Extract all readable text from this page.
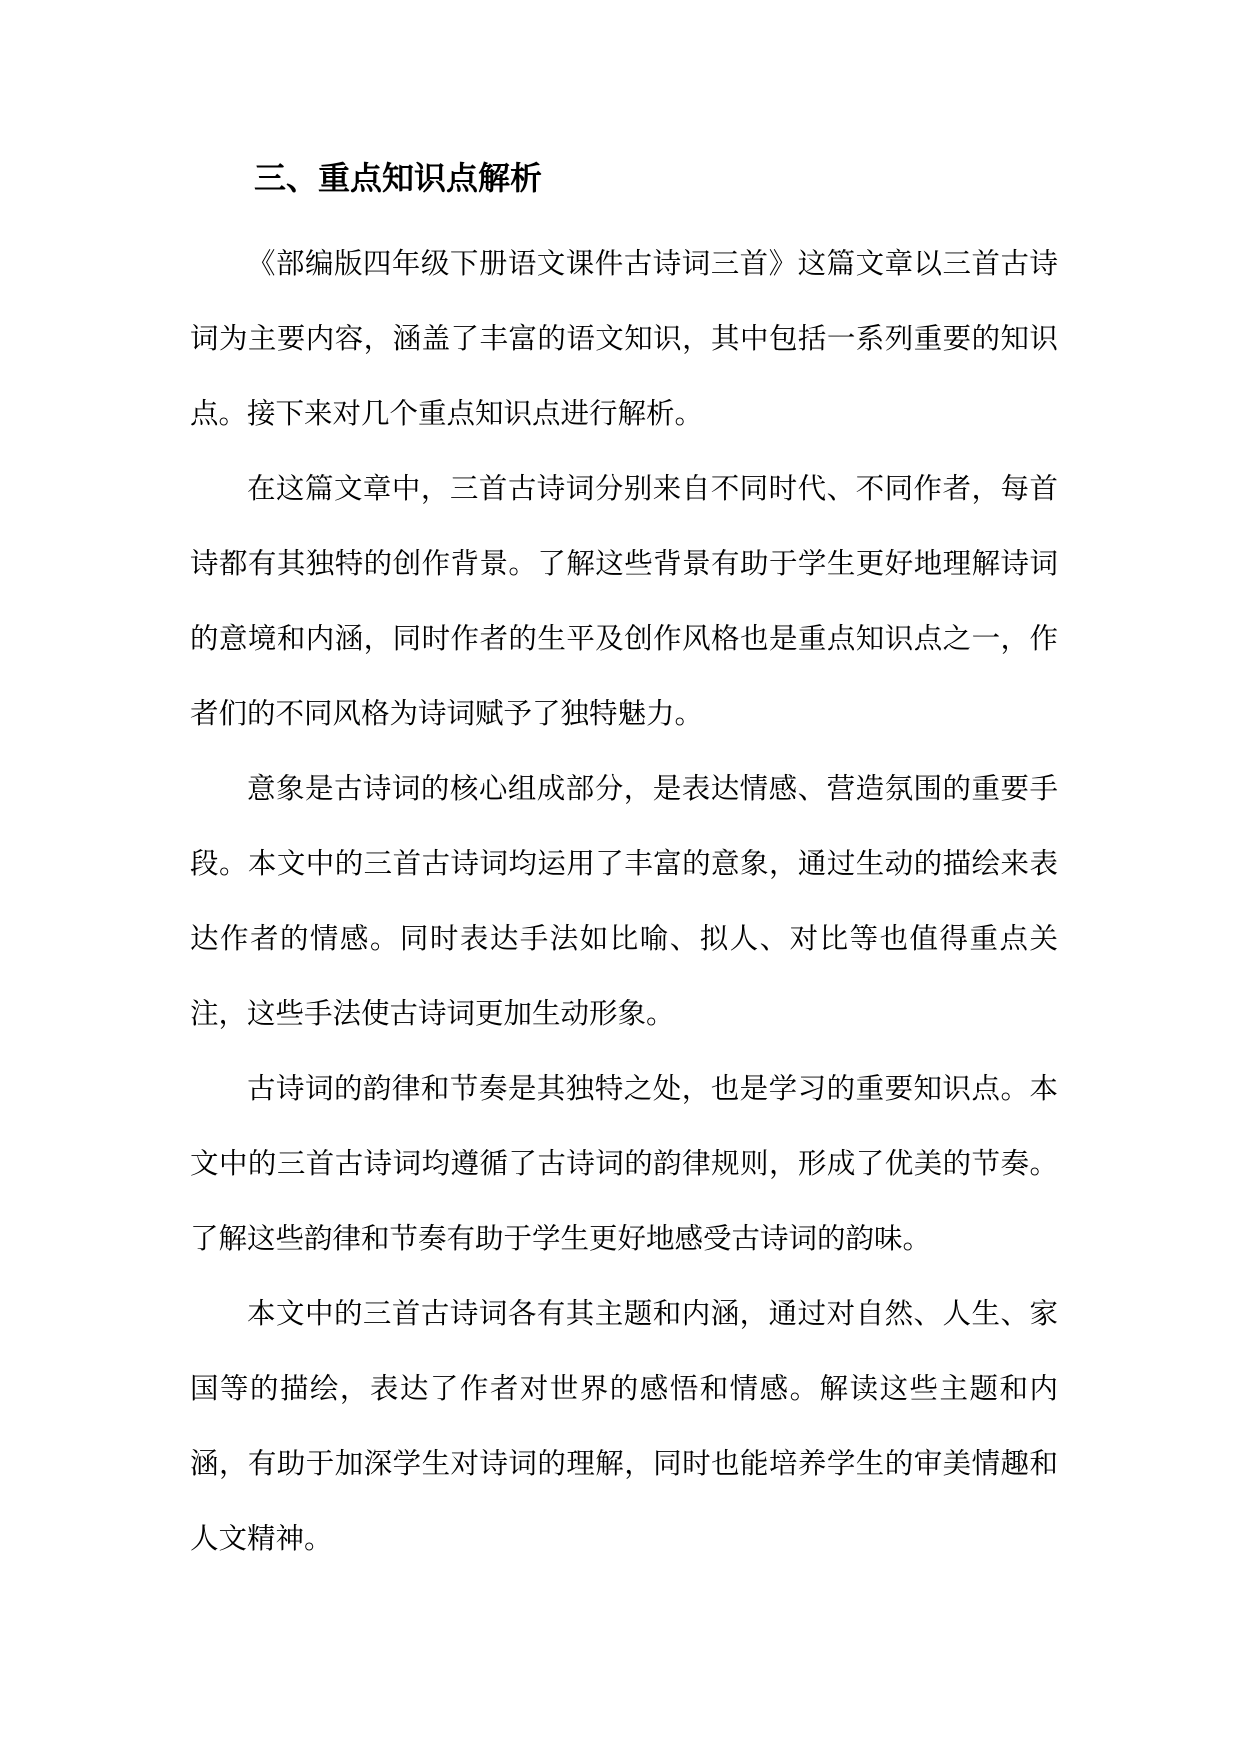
三、重点知识点解析

《部编版四年级下册语文课件古诗词三首》这篇文章以三首古诗词为主要内容，涵盖了丰富的语文知识，其中包括一系列重要的知识点。接下来对几个重点知识点进行解析。

在这篇文章中，三首古诗词分别来自不同时代、不同作者，每首诗都有其独特的创作背景。了解这些背景有助于学生更好地理解诗词的意境和内涵，同时作者的生平及创作风格也是重点知识点之一，作者们的不同风格为诗词赋予了独特魅力。

意象是古诗词的核心组成部分，是表达情感、营造氛围的重要手段。本文中的三首古诗词均运用了丰富的意象，通过生动的描绘来表达作者的情感。同时表达手法如比喻、拟人、对比等也值得重点关注，这些手法使古诗词更加生动形象。

古诗词的韵律和节奏是其独特之处，也是学习的重要知识点。本文中的三首古诗词均遵循了古诗词的韵律规则，形成了优美的节奏。了解这些韵律和节奏有助于学生更好地感受古诗词的韵味。

本文中的三首古诗词各有其主题和内涵，通过对自然、人生、家国等的描绘，表达了作者对世界的感悟和情感。解读这些主题和内涵，有助于加深学生对诗词的理解，同时也能培养学生的审美情趣和人文精神。
